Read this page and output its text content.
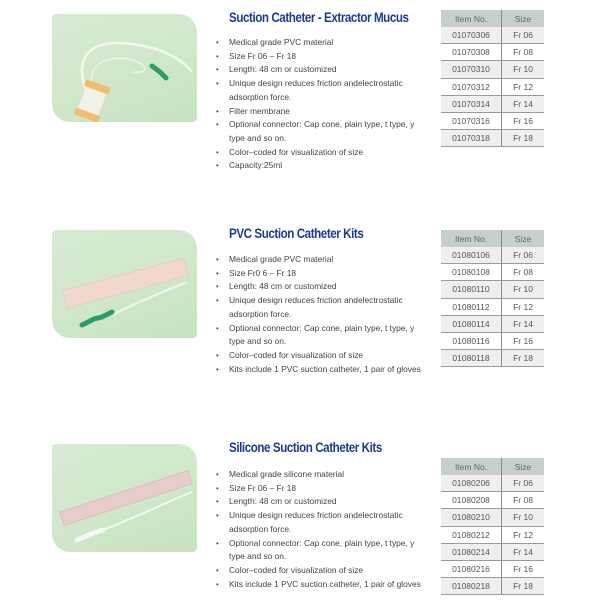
Suction Catheter - Extractor Mucus
• Medical grade PVC material
• Size Fr 06 – Fr 18
• Length: 48 cm or customized
• Unique design reduces friction andelectrostatic adsorption force.
• Filter membrane
• Optional connector: Cap cone, plain type, t type, y type and so on.
• Color–coded for visualization of size
• Capacity:25ml
Item No.	Size
01070306	Fr 06
01070308	Fr 08
01070310	Fr 10
01070312	Fr 12
01070314	Fr 14
01070316	Fr 16
01070318	Fr 18
PVC Suction Catheter Kits
• Medical grade PVC material
• Size Fr0 6 – Fr 18
• Length: 48 cm or customized
• Unique design reduces friction andelectrostatic adsorption force.
• Optional connector: Cap cone, plain type, t type, y type and so on.
• Color–coded for visualization of size
• Kits include 1 PVC suction catheter, 1 pair of gloves
Item No.	Size
01080106	Fr 06
01080108	Fr 08
01080110	Fr 10
01080112	Fr 12
01080114	Fr 14
01080116	Fr 16
01080118	Fr 18
Silicone Suction Catheter Kits
• Medical grade silicone material
• Size Fr 06 – Fr 18
• Length: 48 cm or customized
• Unique design reduces friction andelectrostatic adsorption force.
• Optional connector: Cap cone, plain type, t type, y type and so on.
• Color–coded for visualization of size
• Kits include 1 PVC suction catheter, 1 pair of gloves
Item No.	Size
01080206	Fr 06
01080208	Fr 08
01080210	Fr 10
01080212	Fr 12
01080214	Fr 14
01080216	Fr 16
01080218	Fr 18
